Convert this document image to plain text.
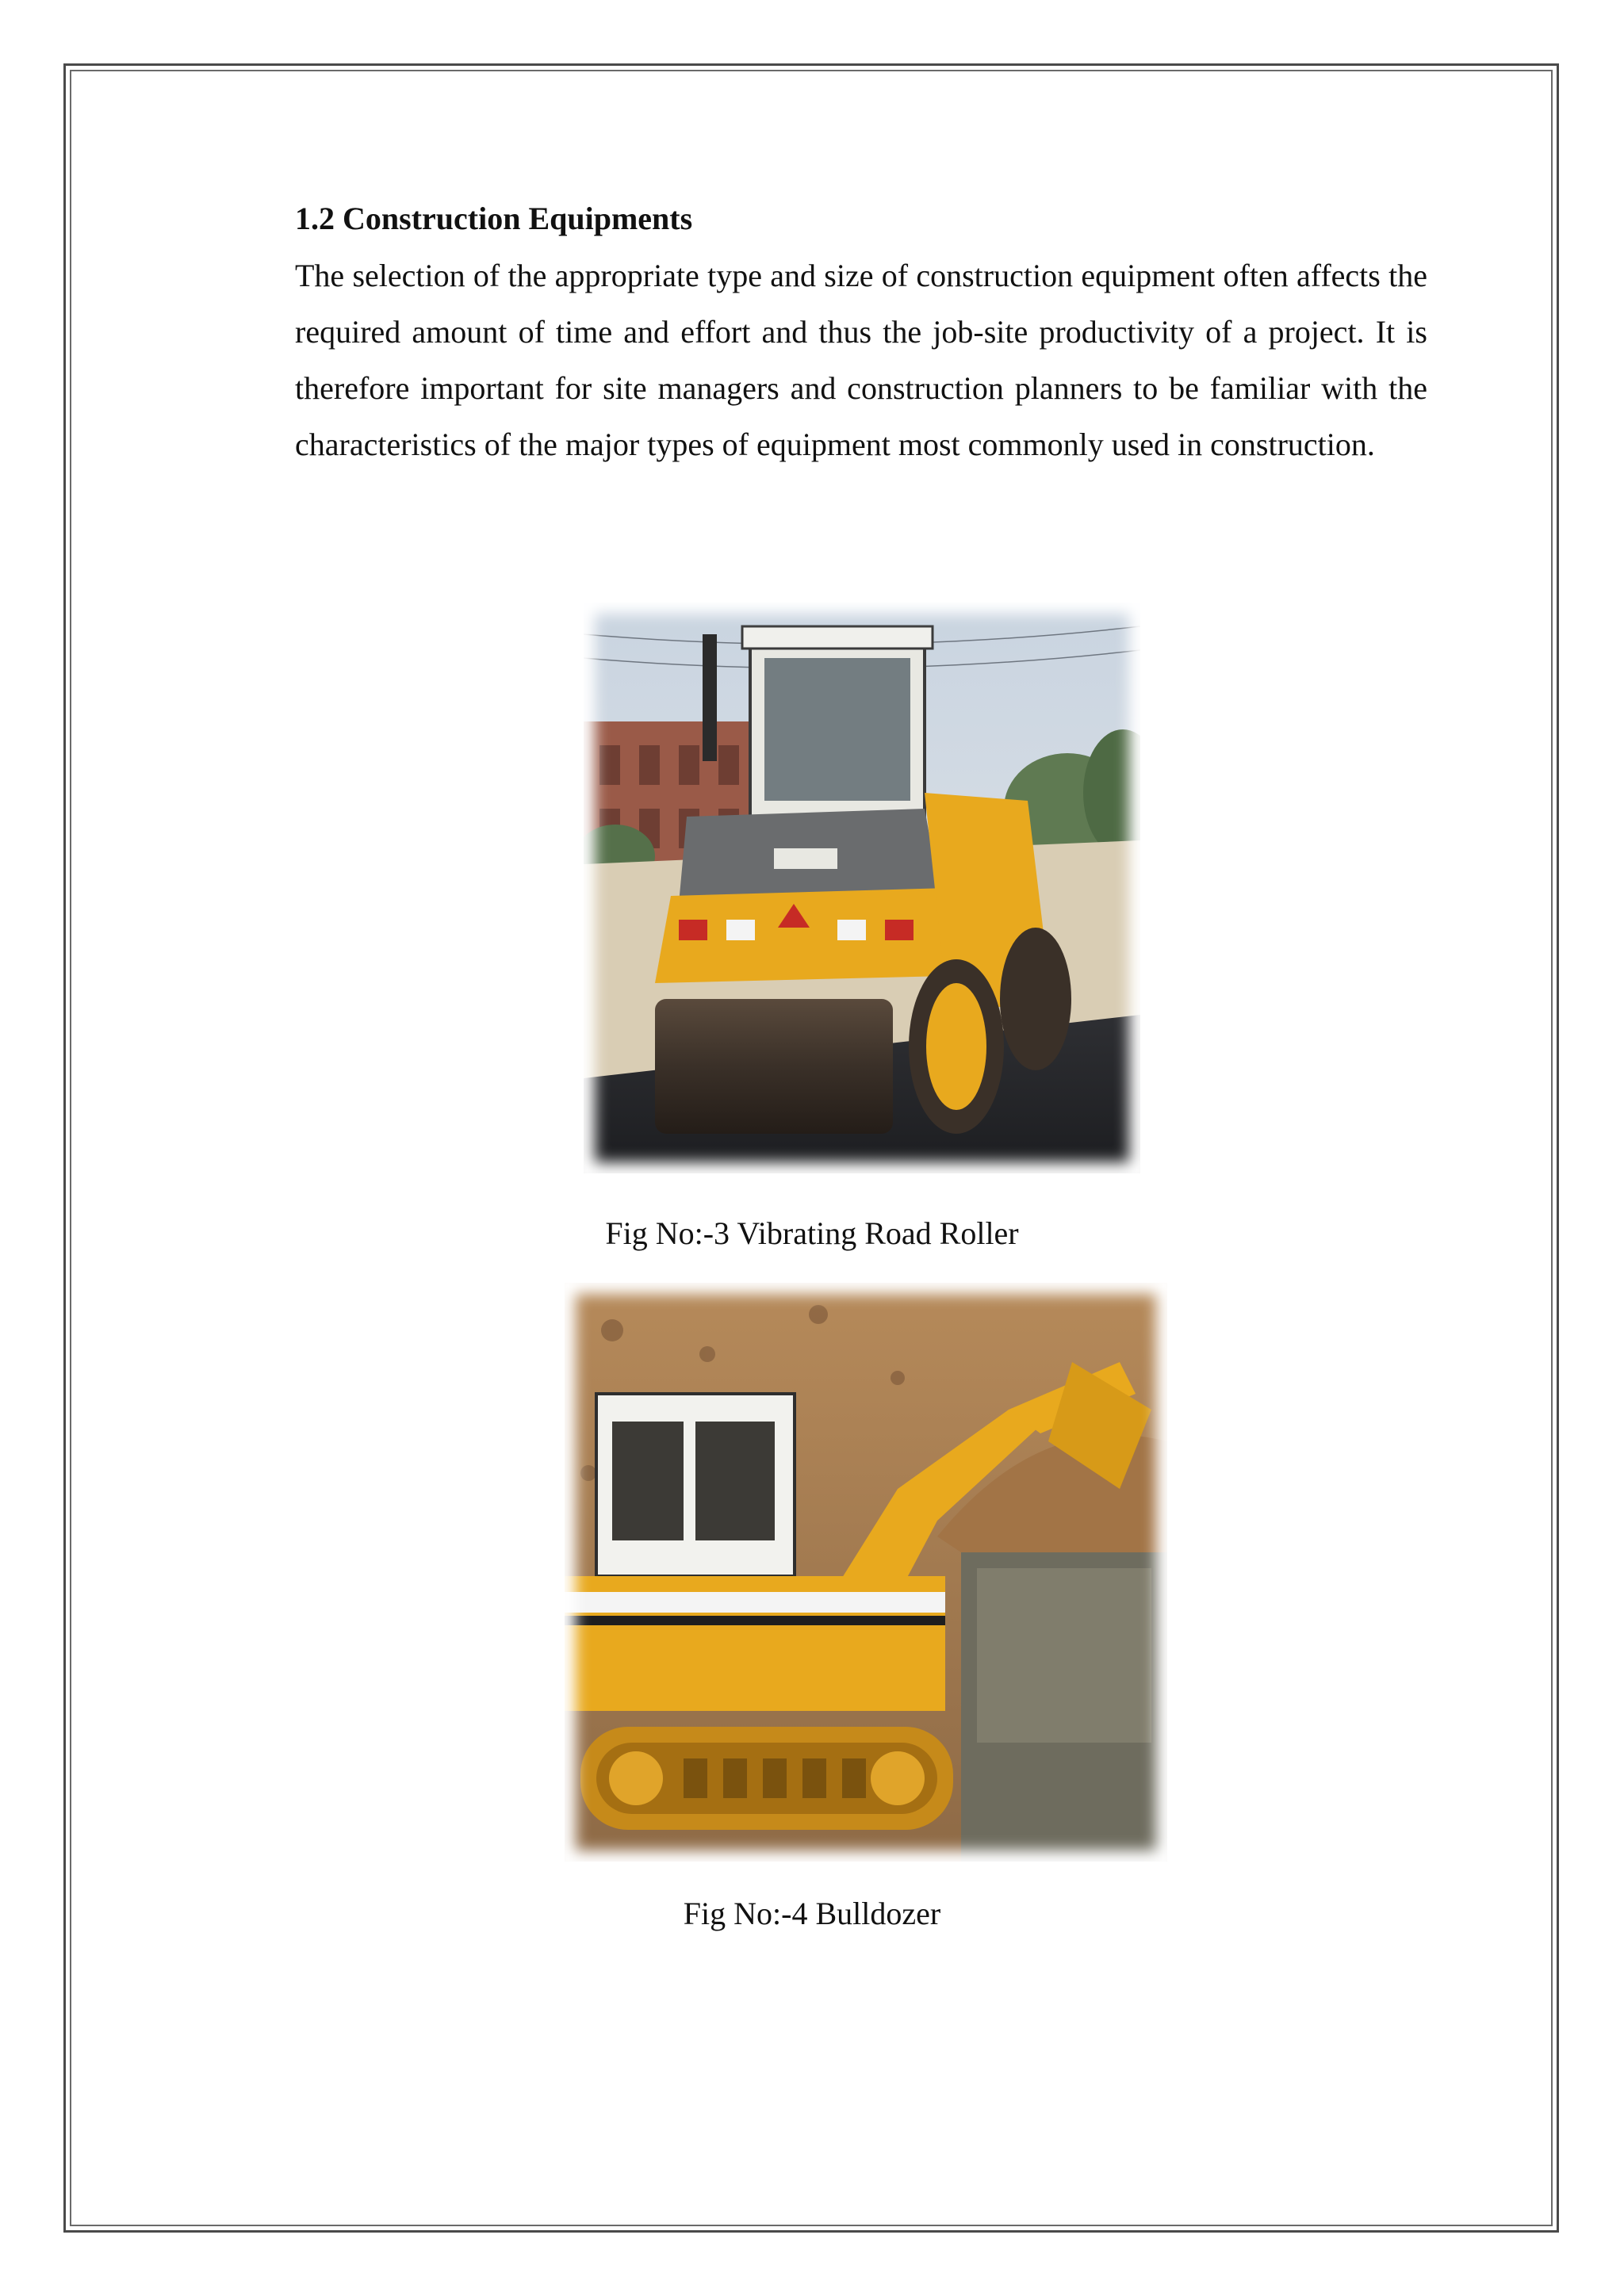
1.2 Construction Equipments

The selection of the appropriate type and size of construction equipment often affects the required amount of time and effort and thus the job-site productivity of a project. It is therefore important for site managers and construction planners to be familiar with the characteristics of the major types of equipment most commonly used in construction.

Fig No:-3 Vibrating Road Roller
Fig No:-4 Bulldozer
